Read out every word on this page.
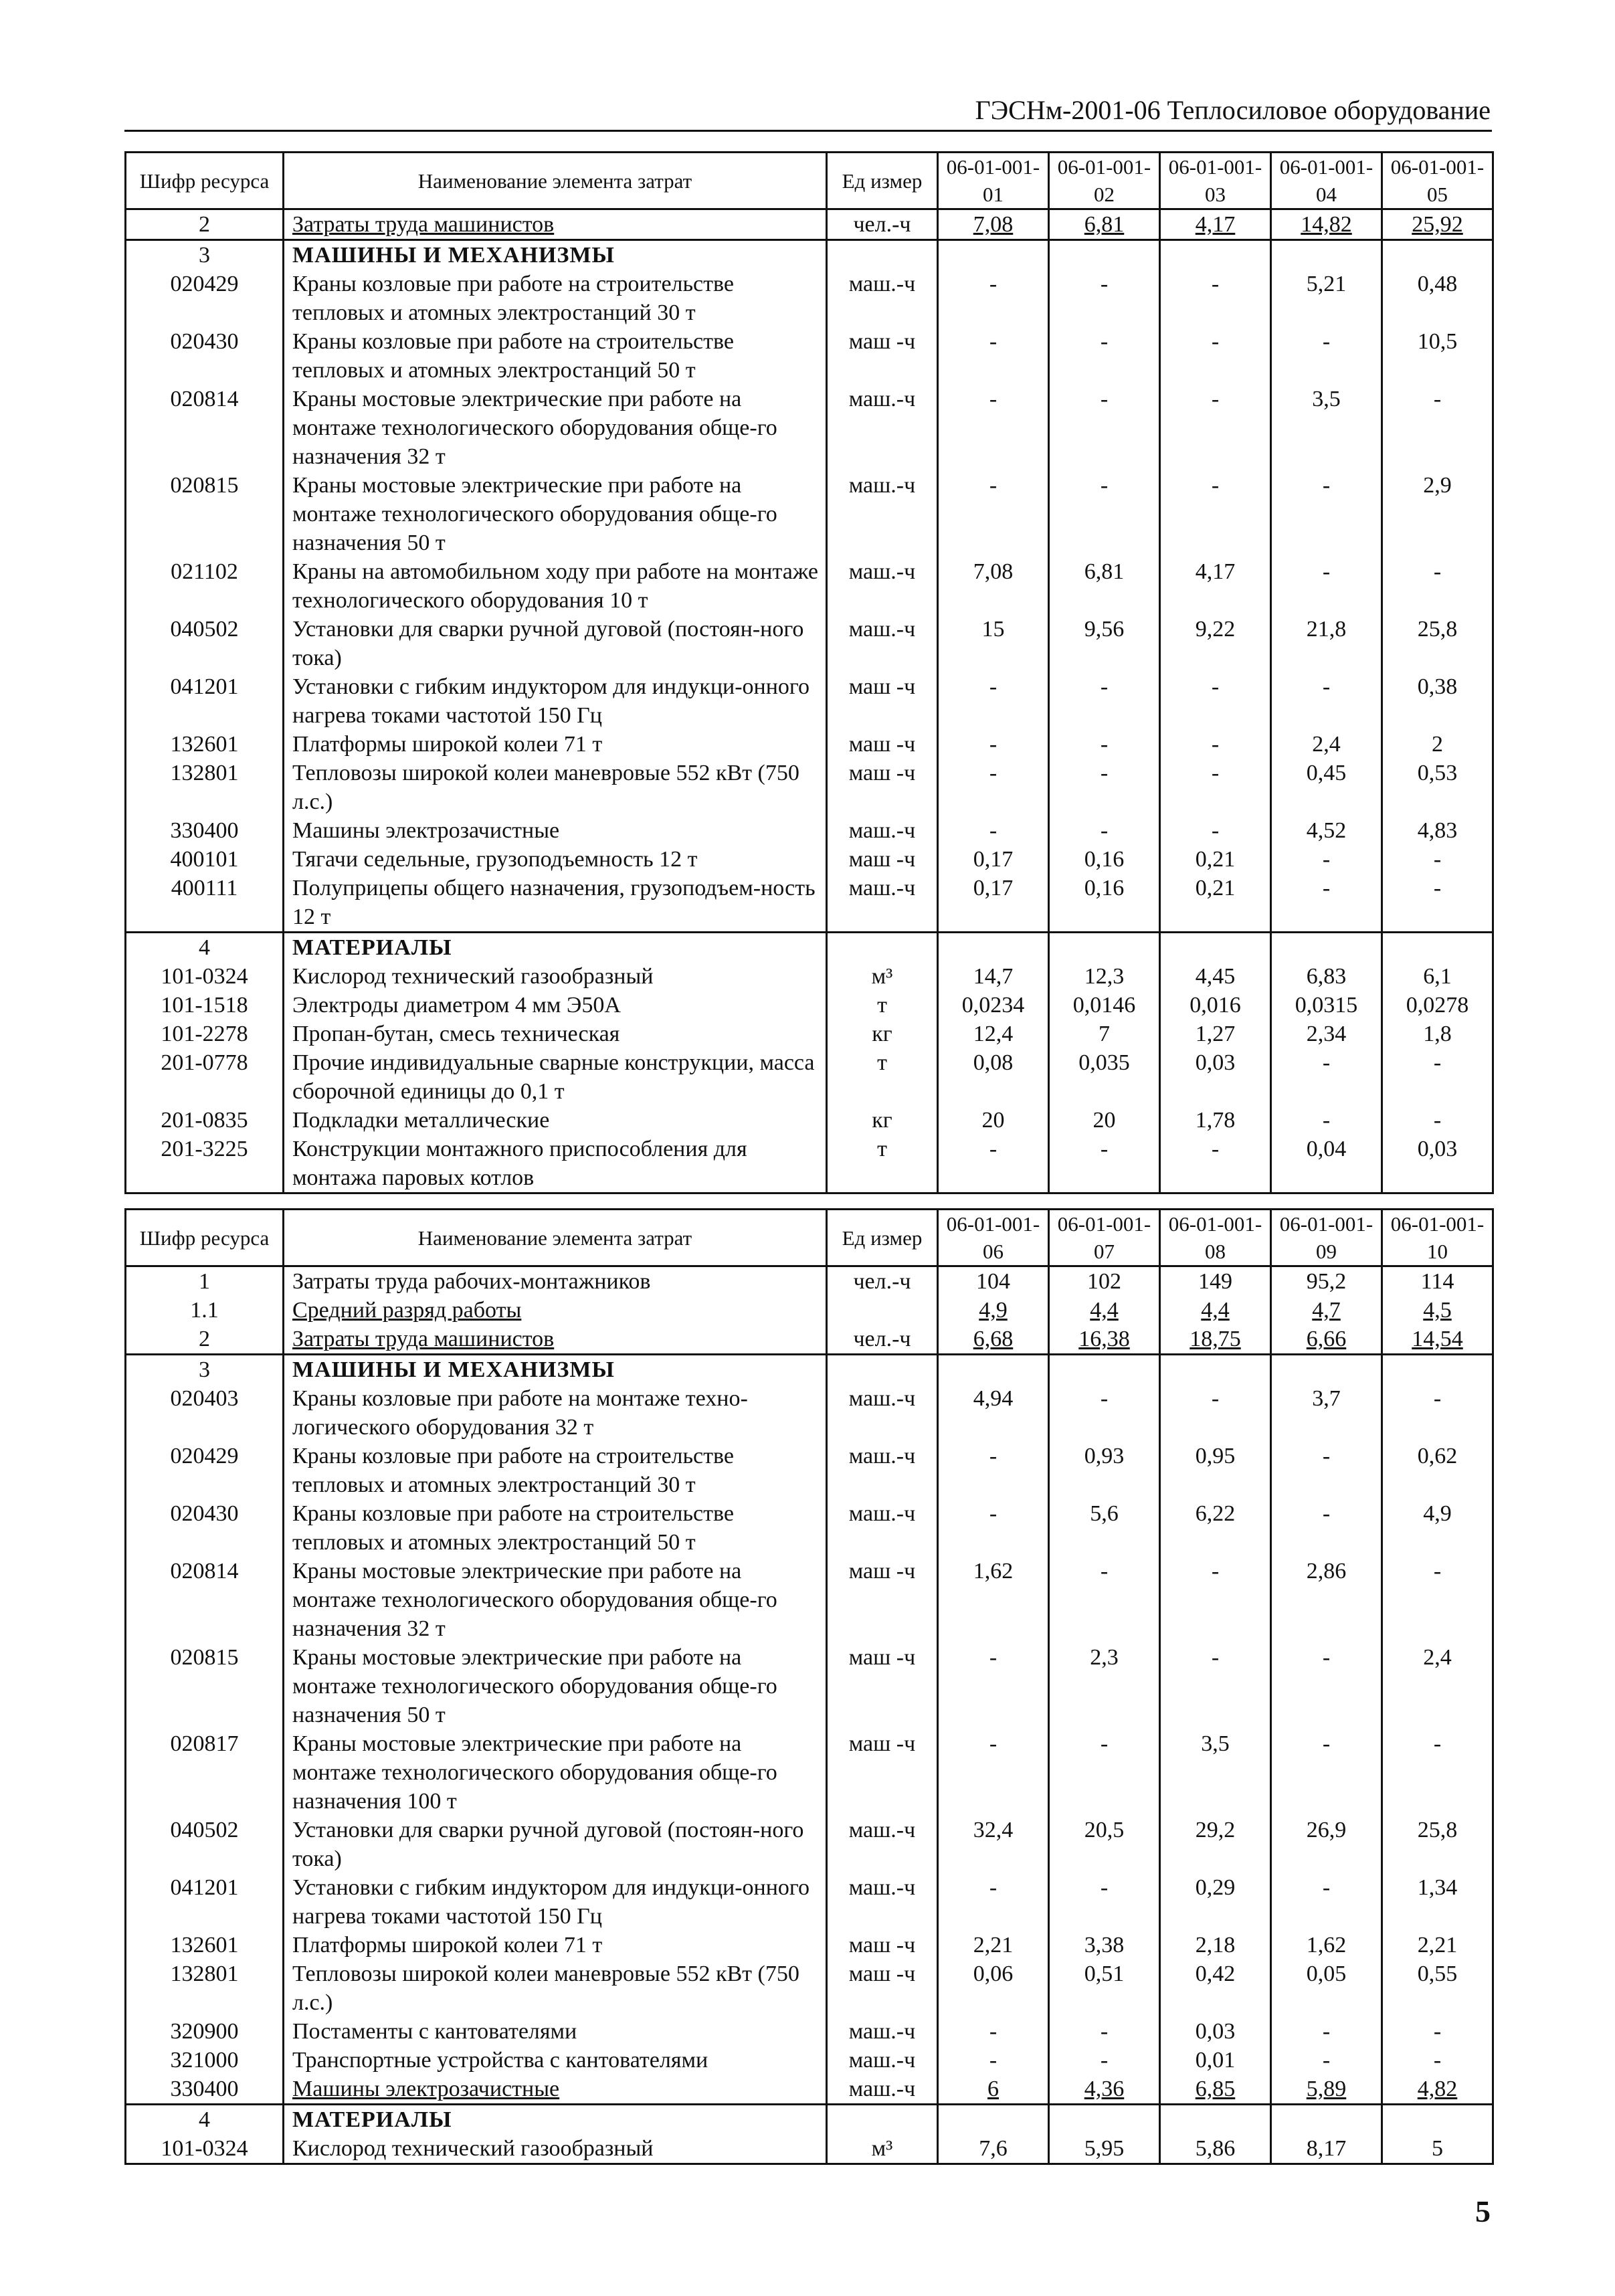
ГЭСНм-2001-06 Теплосиловое оборудование
Шифр ресурса	Наименование элемента затрат	Ед измер	06-01-001-01	06-01-001-02	06-01-001-03	06-01-001-04	06-01-001-05
2	Затраты труда машинистов	чел.-ч	7,08	6,81	4,17	14,82	25,92
3	МАШИНЫ И МЕХАНИЗМЫ						
020429	Краны козловые при работе на строительстве тепловых и атомных электростанций 30 т	маш.-ч	-	-	-	5,21	0,48
020430	Краны козловые при работе на строительстве тепловых и атомных электростанций 50 т	маш -ч	-	-	-	-	10,5
020814	Краны мостовые электрические при работе на монтаже технологического оборудования обще-го назначения 32 т	маш.-ч	-	-	-	3,5	-
020815	Краны мостовые электрические при работе на монтаже технологического оборудования обще-го назначения 50 т	маш.-ч	-	-	-	-	2,9
021102	Краны на автомобильном ходу при работе на монтаже технологического оборудования 10 т	маш.-ч	7,08	6,81	4,17	-	-
040502	Установки для сварки ручной дуговой (постоян-ного тока)	маш.-ч	15	9,56	9,22	21,8	25,8
041201	Установки с гибким индуктором для индукци-онного нагрева токами частотой 150 Гц	маш -ч	-	-	-	-	0,38
132601	Платформы широкой колеи 71 т	маш -ч	-	-	-	2,4	2
132801	Тепловозы широкой колеи маневровые 552 кВт (750 л.с.)	маш -ч	-	-	-	0,45	0,53
330400	Машины электрозачистные	маш.-ч	-	-	-	4,52	4,83
400101	Тягачи седельные, грузоподъемность 12 т	маш -ч	0,17	0,16	0,21	-	-
400111	Полуприцепы общего назначения, грузоподъем-ность 12 т	маш.-ч	0,17	0,16	0,21	-	-
4	МАТЕРИАЛЫ						
101-0324	Кислород технический газообразный	м³	14,7	12,3	4,45	6,83	6,1
101-1518	Электроды диаметром 4 мм Э50А	т	0,0234	0,0146	0,016	0,0315	0,0278
101-2278	Пропан-бутан, смесь техническая	кг	12,4	7	1,27	2,34	1,8
201-0778	Прочие индивидуальные сварные конструкции, масса сборочной единицы до 0,1 т	т	0,08	0,035	0,03	-	-
201-0835	Подкладки металлические	кг	20	20	1,78	-	-
201-3225	Конструкции монтажного приспособления для монтажа паровых котлов	т	-	-	-	0,04	0,03
Шифр ресурса	Наименование элемента затрат	Ед измер	06-01-001-06	06-01-001-07	06-01-001-08	06-01-001-09	06-01-001-10
1	Затраты труда рабочих-монтажников	чел.-ч	104	102	149	95,2	114
1.1	Средний разряд работы		4,9	4,4	4,4	4,7	4,5
2	Затраты труда машинистов	чел.-ч	6,68	16,38	18,75	6,66	14,54
3	МАШИНЫ И МЕХАНИЗМЫ						
020403	Краны козловые при работе на монтаже техно-логического оборудования 32 т	маш.-ч	4,94	-	-	3,7	-
020429	Краны козловые при работе на строительстве тепловых и атомных электростанций 30 т	маш.-ч	-	0,93	0,95	-	0,62
020430	Краны козловые при работе на строительстве тепловых и атомных электростанций 50 т	маш.-ч	-	5,6	6,22	-	4,9
020814	Краны мостовые электрические при работе на монтаже технологического оборудования обще-го назначения 32 т	маш -ч	1,62	-	-	2,86	-
020815	Краны мостовые электрические при работе на монтаже технологического оборудования обще-го назначения 50 т	маш -ч	-	2,3	-	-	2,4
020817	Краны мостовые электрические при работе на монтаже технологического оборудования обще-го назначения 100 т	маш -ч	-	-	3,5	-	-
040502	Установки для сварки ручной дуговой (постоян-ного тока)	маш.-ч	32,4	20,5	29,2	26,9	25,8
041201	Установки с гибким индуктором для индукци-онного нагрева токами частотой 150 Гц	маш.-ч	-	-	0,29	-	1,34
132601	Платформы широкой колеи 71 т	маш -ч	2,21	3,38	2,18	1,62	2,21
132801	Тепловозы широкой колеи маневровые 552 кВт (750 л.с.)	маш -ч	0,06	0,51	0,42	0,05	0,55
320900	Постаменты с кантователями	маш.-ч	-	-	0,03	-	-
321000	Транспортные устройства с кантователями	маш.-ч	-	-	0,01	-	-
330400	Машины электрозачистные	маш.-ч	6	4,36	6,85	5,89	4,82
4	МАТЕРИАЛЫ						
101-0324	Кислород технический газообразный	м³	7,6	5,95	5,86	8,17	5
5
